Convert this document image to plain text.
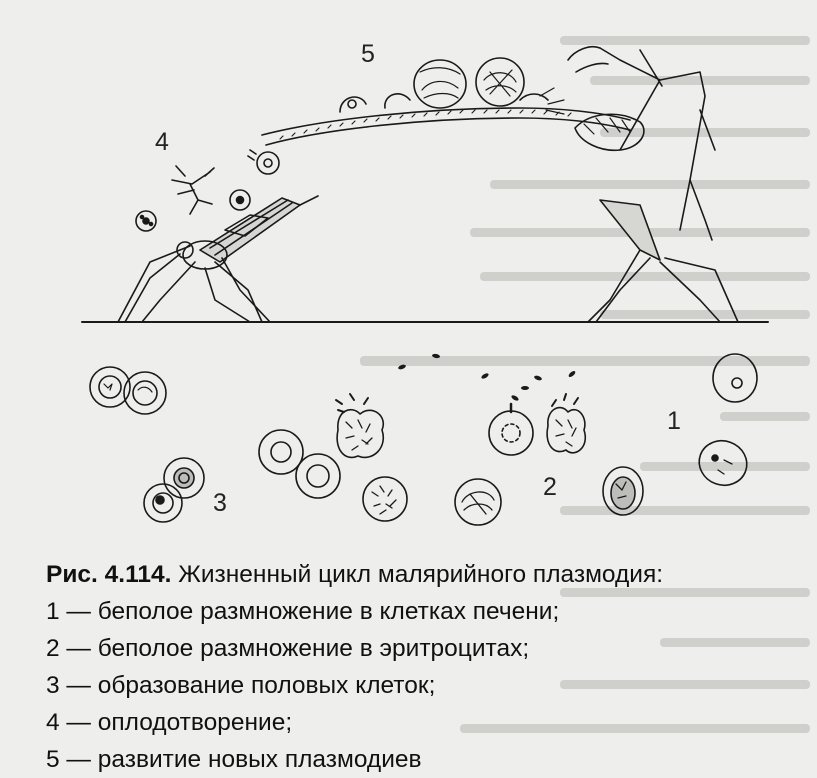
5
4
1
2
3
Рис. 4.114. Жизненный цикл малярийного плазмодия:
1 — беполое размножение в клетках печени;
2 — беполое размножение в эритроцитах;
3 — образование половых клеток;
4 — оплодотворение;
5 — развитие новых плазмодиев
